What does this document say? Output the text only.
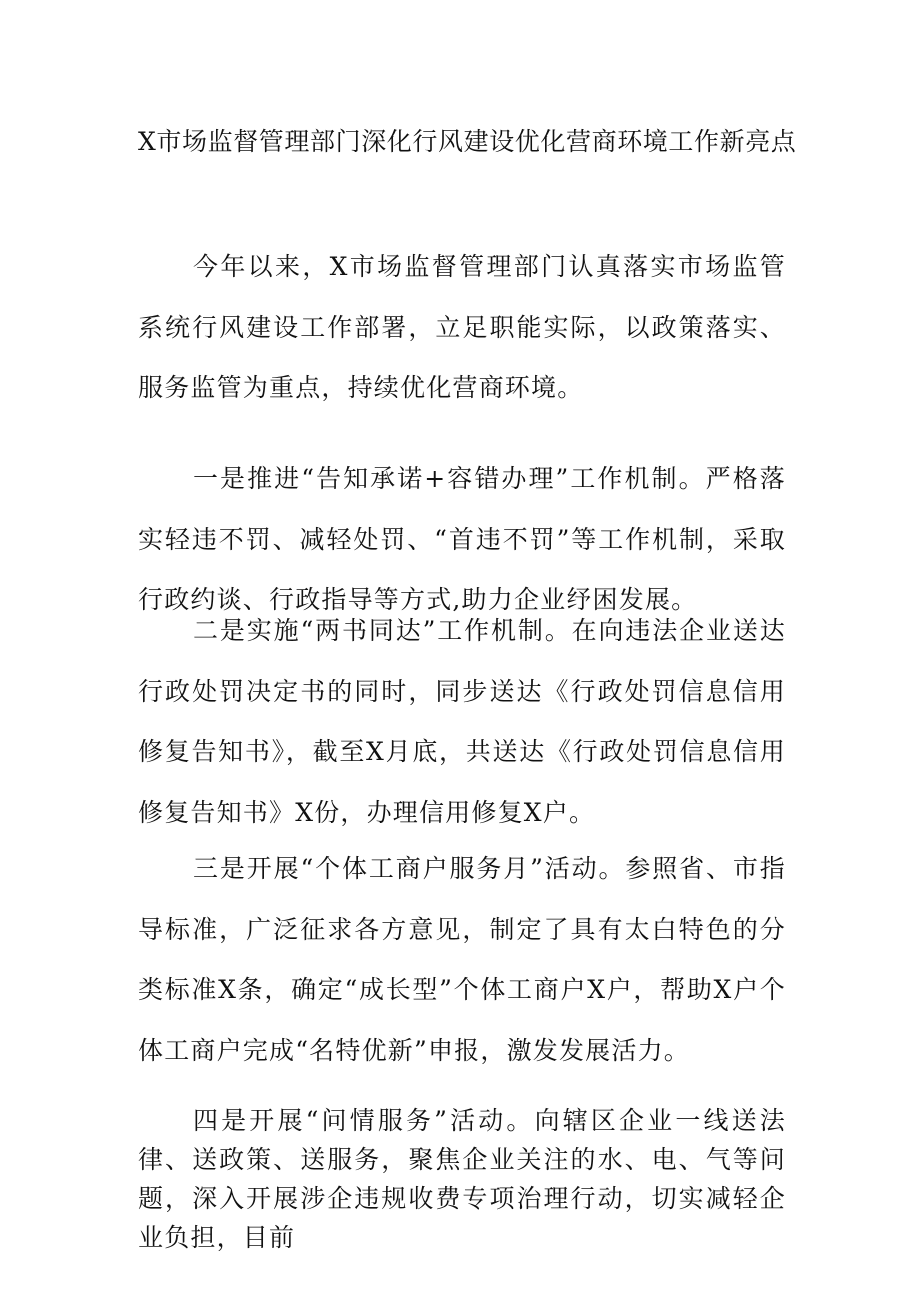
X市场监督管理部门深化行风建设优化营商环境工作新亮点

今年以来，X市场监督管理部门认真落实市场监管系统行风建设工作部署，立足职能实际，以政策落实、服务监管为重点，持续优化营商环境。

一是推进“告知承诺+容错办理”工作机制。严格落实轻违不罚、减轻处罚、“首违不罚”等工作机制，采取行政约谈、行政指导等方式,助力企业纾困发展。

二是实施“两书同达”工作机制。在向违法企业送达行政处罚决定书的同时，同步送达《行政处罚信息信用修复告知书》，截至X月底，共送达《行政处罚信息信用修复告知书》X份，办理信用修复X户。

三是开展“个体工商户服务月”活动。参照省、市指导标准，广泛征求各方意见，制定了具有太白特色的分类标准X条，确定“成长型”个体工商户X户，帮助X户个体工商户完成“名特优新”申报，激发发展活力。

四是开展“问情服务”活动。向辖区企业一线送法律、送政策、送服务，聚焦企业关注的水、电、气等问题，深入开展涉企违规收费专项治理行动，切实减轻企业负担，目前
